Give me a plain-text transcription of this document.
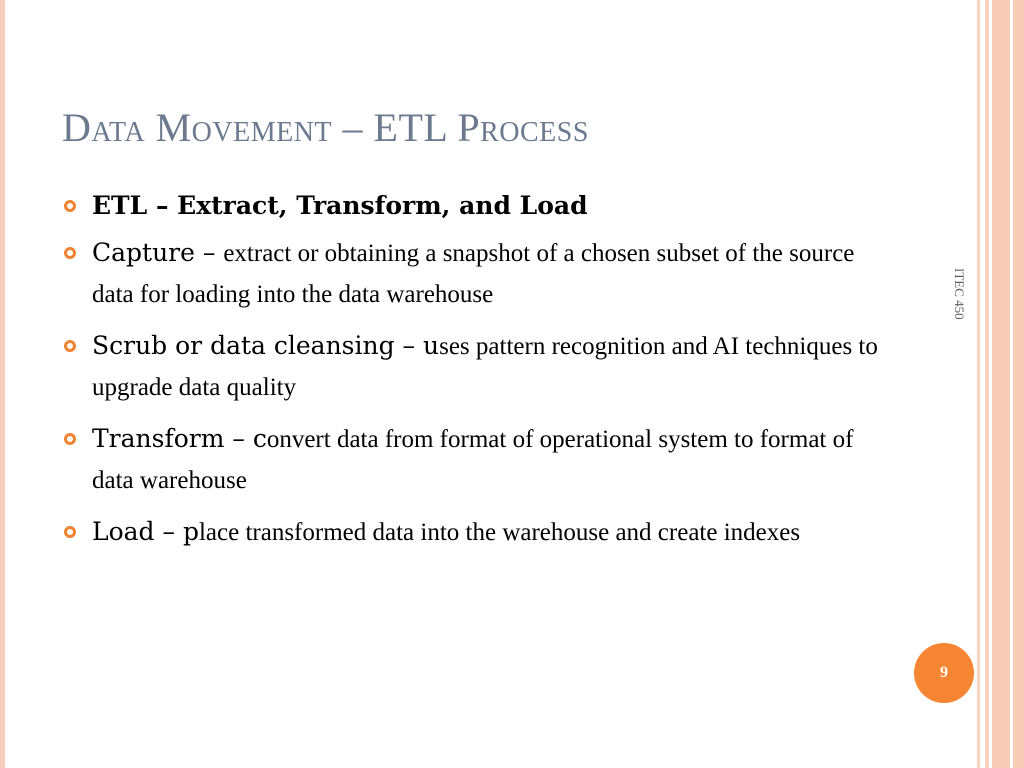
Data Movement – ETL Process
ETL – Extract, Transform, and Load
Capture – extract or obtaining a snapshot of a chosen subset of the source data for loading into the data warehouse
Scrub or data cleansing – uses pattern recognition and AI techniques to upgrade data quality
Transform – convert data from format of operational system to format of data warehouse
Load – place transformed data into the warehouse and create indexes
ITEC 450
9
